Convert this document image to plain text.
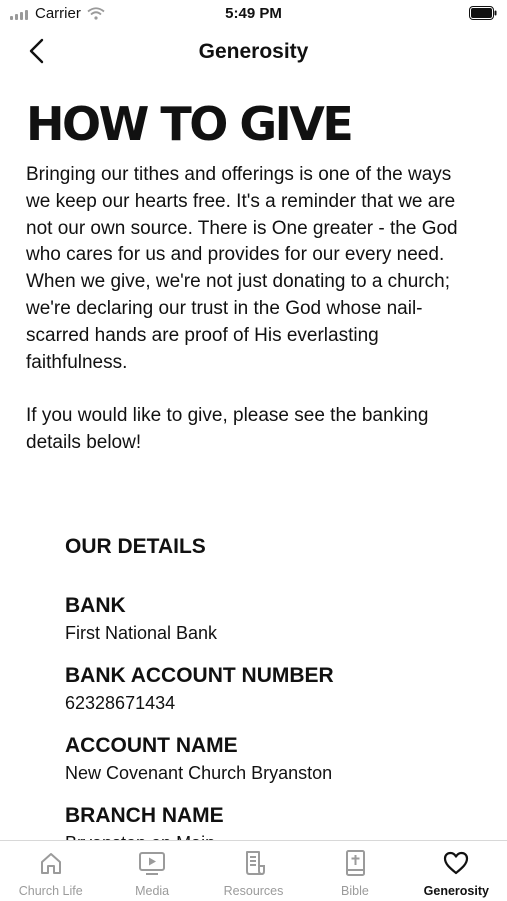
Carrier	5:49 PM
Generosity
HOW TO GIVE

Bringing our tithes and offerings is one of the ways we keep our hearts free. It's a reminder that we are not our own source. There is One greater - the God who cares for us and provides for our every need. When we give, we're not just donating to a church; we're declaring our trust in the God whose nail-scarred hands are proof of His everlasting faithfulness.

If you would like to give, please see the banking details below!

OUR DETAILS
BANK
First National Bank
BANK ACCOUNT NUMBER
62328671434
ACCOUNT NAME
New Covenant Church Bryanston
BRANCH NAME
Church Life	Media	Resources	Bible	Generosity
